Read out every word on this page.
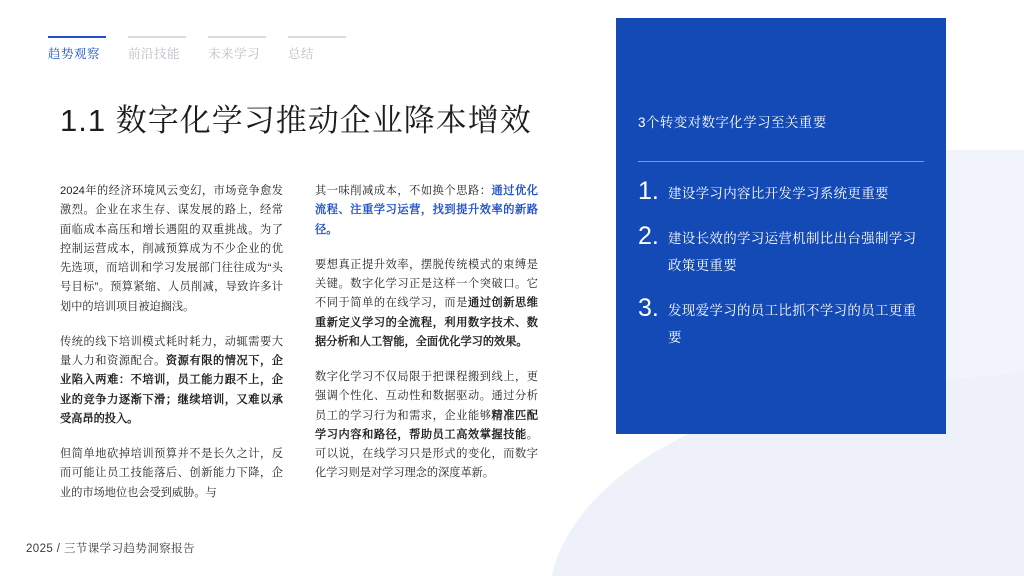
趋势观察	前沿技能	未来学习	总结
1.1 数字化学习推动企业降本增效

2024年的经济环境风云变幻，市场竞争愈发激烈。企业在求生存、谋发展的路上，经常面临成本高压和增长遇阻的双重挑战。为了控制运营成本，削减预算成为不少企业的优先选项，而培训和学习发展部门往往成为“头号目标”。预算紧缩、人员削减，导致许多计划中的培训项目被迫搁浅。

传统的线下培训模式耗时耗力，动辄需要大量人力和资源配合。资源有限的情况下，企业陷入两难：不培训，员工能力跟不上，企业的竞争力逐渐下滑；继续培训，又难以承受高昂的投入。

但简单地砍掉培训预算并不是长久之计，反而可能让员工技能落后、创新能力下降，企业的市场地位也会受到威胁。与

其一味削减成本，不如换个思路：通过优化流程、注重学习运营，找到提升效率的新路径。

要想真正提升效率，摆脱传统模式的束缚是关键。数字化学习正是这样一个突破口。它不同于简单的在线学习，而是通过创新思维重新定义学习的全流程，利用数字技术、数据分析和人工智能，全面优化学习的效果。

数字化学习不仅局限于把课程搬到线上，更强调个性化、互动性和数据驱动。通过分析员工的学习行为和需求，企业能够精准匹配学习内容和路径，帮助员工高效掌握技能。可以说，在线学习只是形式的变化，而数字化学习则是对学习理念的深度革新。

3个转变对数字化学习至关重要
1. 建设学习内容比开发学习系统更重要
2. 建设长效的学习运营机制比出台强制学习政策更重要
3. 发现爱学习的员工比抓不学习的员工更重要
2025 / 三节课学习趋势洞察报告
